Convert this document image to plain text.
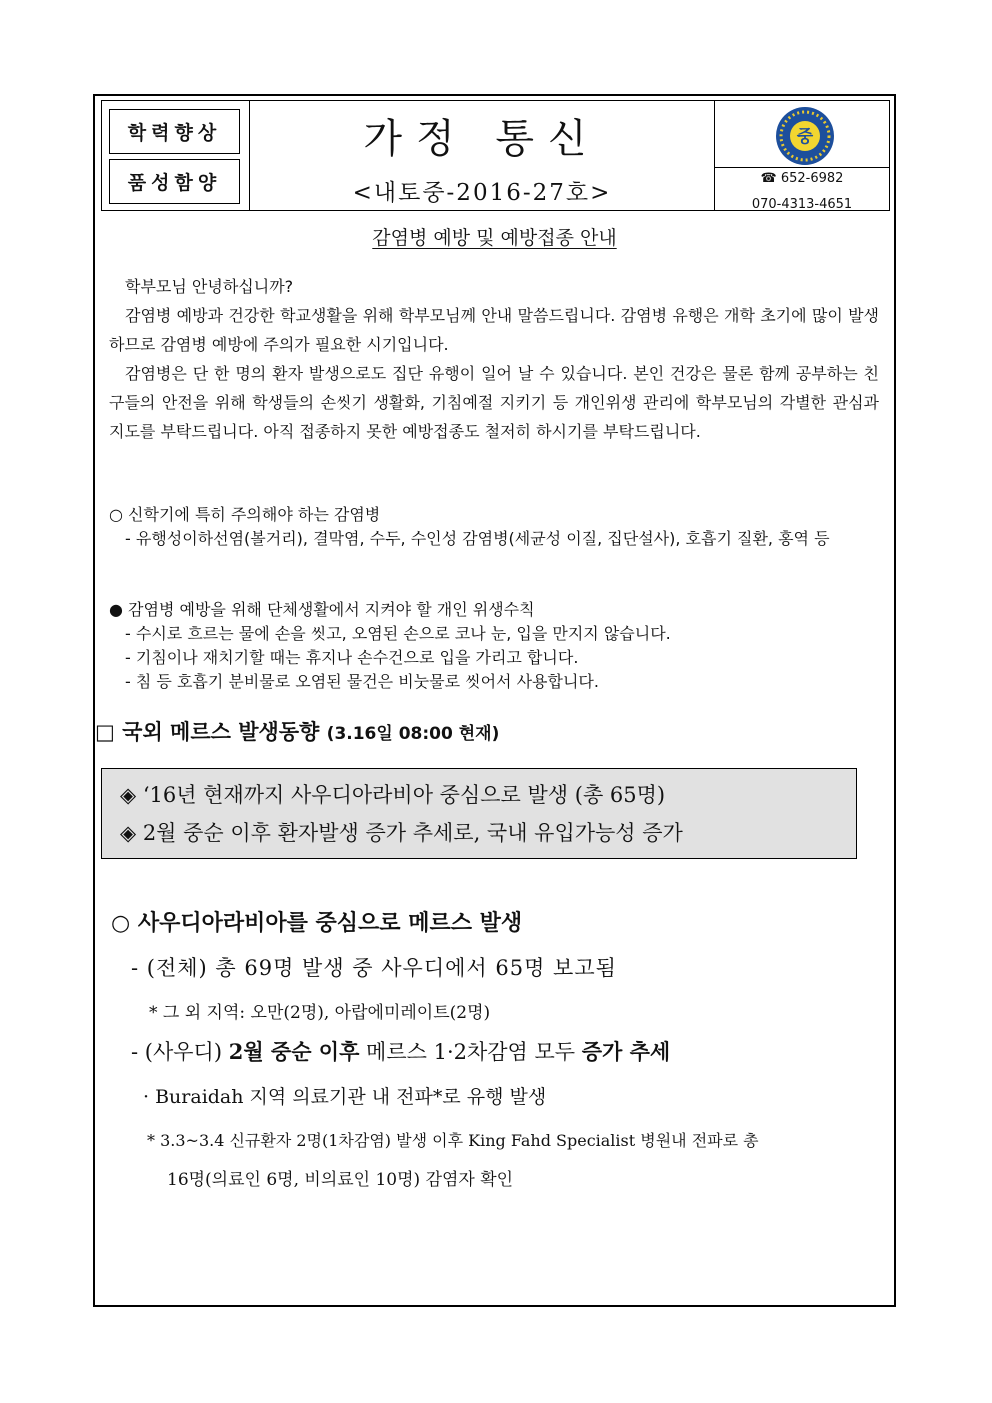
학력향상
품성함양
가정 통신
<내토중-2016-27호>
중
☎ 652-6982
070-4313-4651
감염병 예방 및 예방접종 안내
학부모님 안녕하십니까?
감염병 예방과 건강한 학교생활을 위해 학부모님께 안내 말씀드립니다. 감염병 유행은 개학 초기에 많이 발생하므로 감염병 예방에 주의가 필요한 시기입니다.
감염병은 단 한 명의 환자 발생으로도 집단 유행이 일어 날 수 있습니다. 본인 건강은 물론 함께 공부하는 친구들의 안전을 위해 학생들의 손씻기 생활화, 기침예절 지키기 등 개인위생 관리에 학부모님의 각별한 관심과 지도를 부탁드립니다. 아직 접종하지 못한 예방접종도 철저히 하시기를 부탁드립니다.
○ 신학기에 특히 주의해야 하는 감염병
- 유행성이하선염(볼거리), 결막염, 수두, 수인성 감염병(세균성 이질, 집단설사), 호흡기 질환, 홍역 등
● 감염병 예방을 위해 단체생활에서 지켜야 할 개인 위생수칙
- 수시로 흐르는 물에 손을 씻고, 오염된 손으로 코나 눈, 입을 만지지 않습니다.
- 기침이나 재치기할 때는 휴지나 손수건으로 입을 가리고 합니다.
- 침 등 호흡기 분비물로 오염된 물건은 비눗물로 씻어서 사용합니다.
□ 국외 메르스 발생동향 (3.16일 08:00 현재)
◈ ‘16년 현재까지 사우디아라비아 중심으로 발생 (총 65명)
◈ 2월 중순 이후 환자발생 증가 추세로, 국내 유입가능성 증가
○ 사우디아라비아를 중심으로 메르스 발생
- (전체) 총 69명 발생 중 사우디에서 65명 보고됨
* 그 외 지역: 오만(2명), 아랍에미레이트(2명)
- (사우디) 2월 중순 이후 메르스 1·2차감염 모두 증가 추세
· Buraidah 지역 의료기관 내 전파*로 유행 발생
* 3.3~3.4 신규환자 2명(1차감염) 발생 이후 King Fahd Specialist 병원내 전파로 총
16명(의료인 6명, 비의료인 10명) 감염자 확인
